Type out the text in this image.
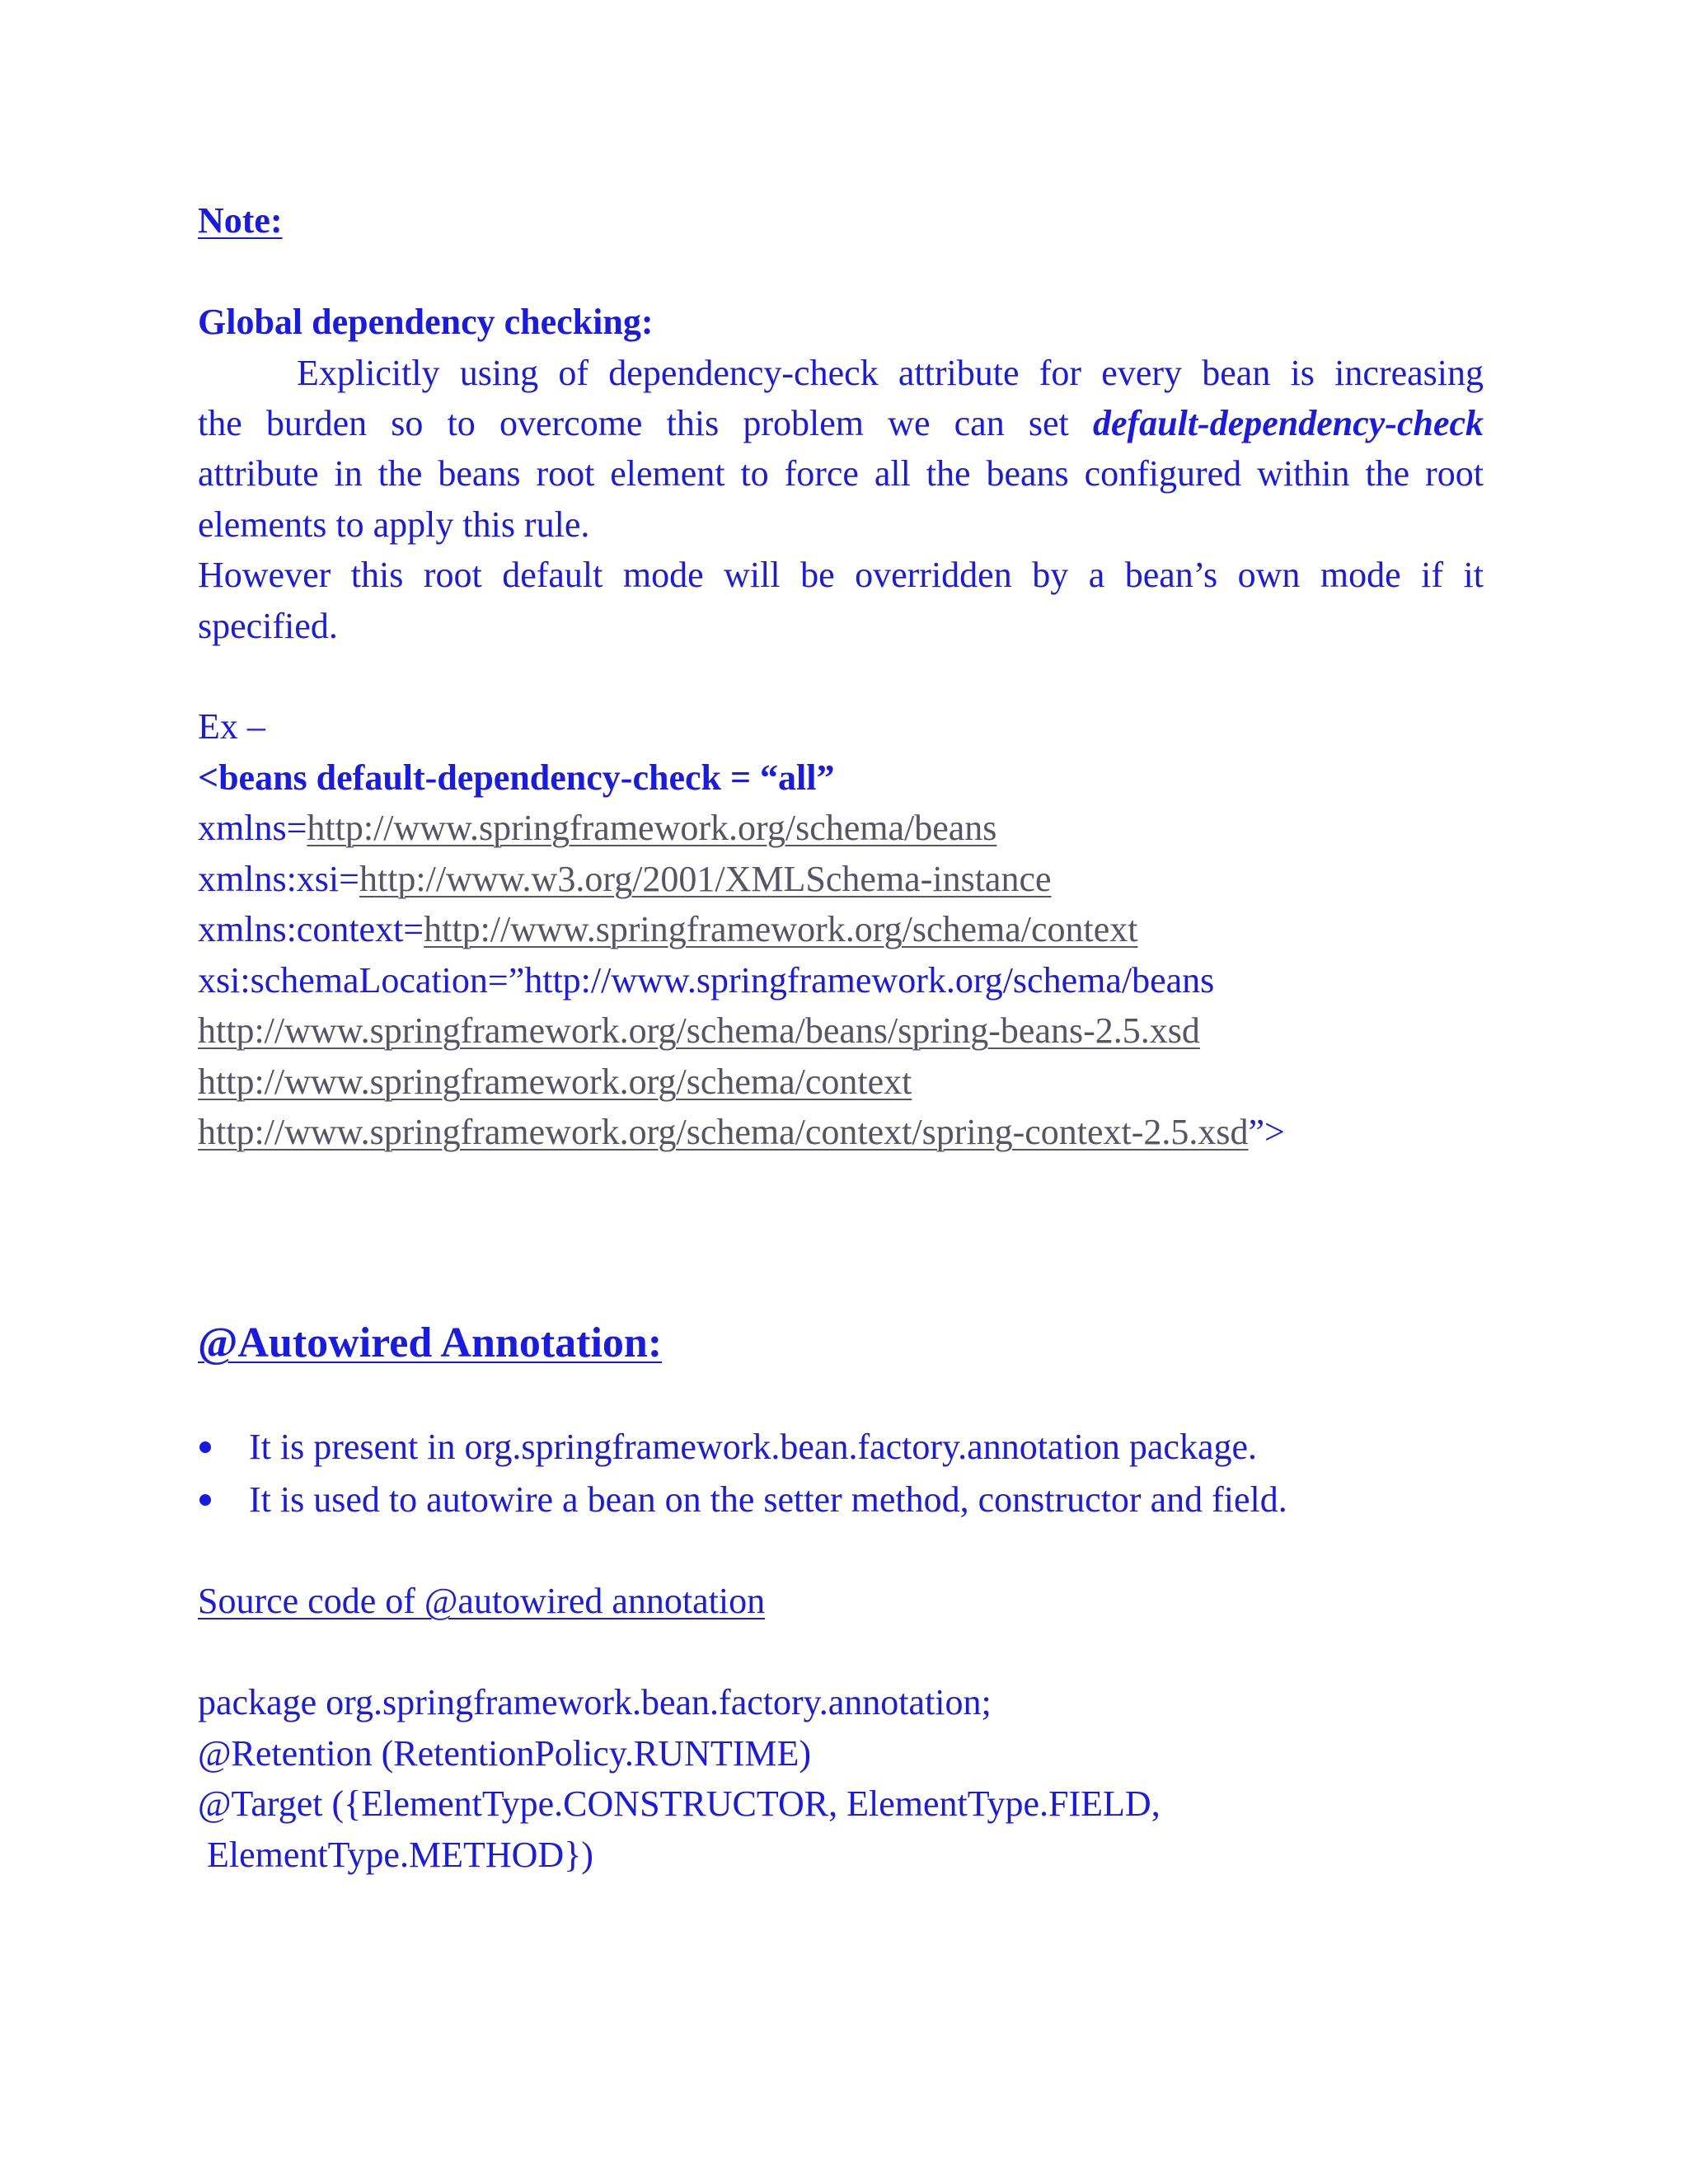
Note:
Global dependency checking:
Explicitly using of dependency-check attribute for every bean is increasing
the burden so to overcome this problem we can set default-dependency-check
attribute in the beans root element to force all the beans configured within the root
elements to apply this rule.
However this root default mode will be overridden by a bean’s own mode if it
specified.
Ex –
<beans default-dependency-check = “all”
xmlns=http://www.springframework.org/schema/beans
xmlns:xsi=http://www.w3.org/2001/XMLSchema-instance
xmlns:context=http://www.springframework.org/schema/context
xsi:schemaLocation=”http://www.springframework.org/schema/beans
http://www.springframework.org/schema/beans/spring-beans-2.5.xsd
http://www.springframework.org/schema/context
http://www.springframework.org/schema/context/spring-context-2.5.xsd”>
@Autowired Annotation:
It is present in org.springframework.bean.factory.annotation package.
It is used to autowire a bean on the setter method, constructor and field.
Source code of @autowired annotation
package org.springframework.bean.factory.annotation;
@Retention (RetentionPolicy.RUNTIME)
@Target ({ElementType.CONSTRUCTOR, ElementType.FIELD,
ElementType.METHOD})
